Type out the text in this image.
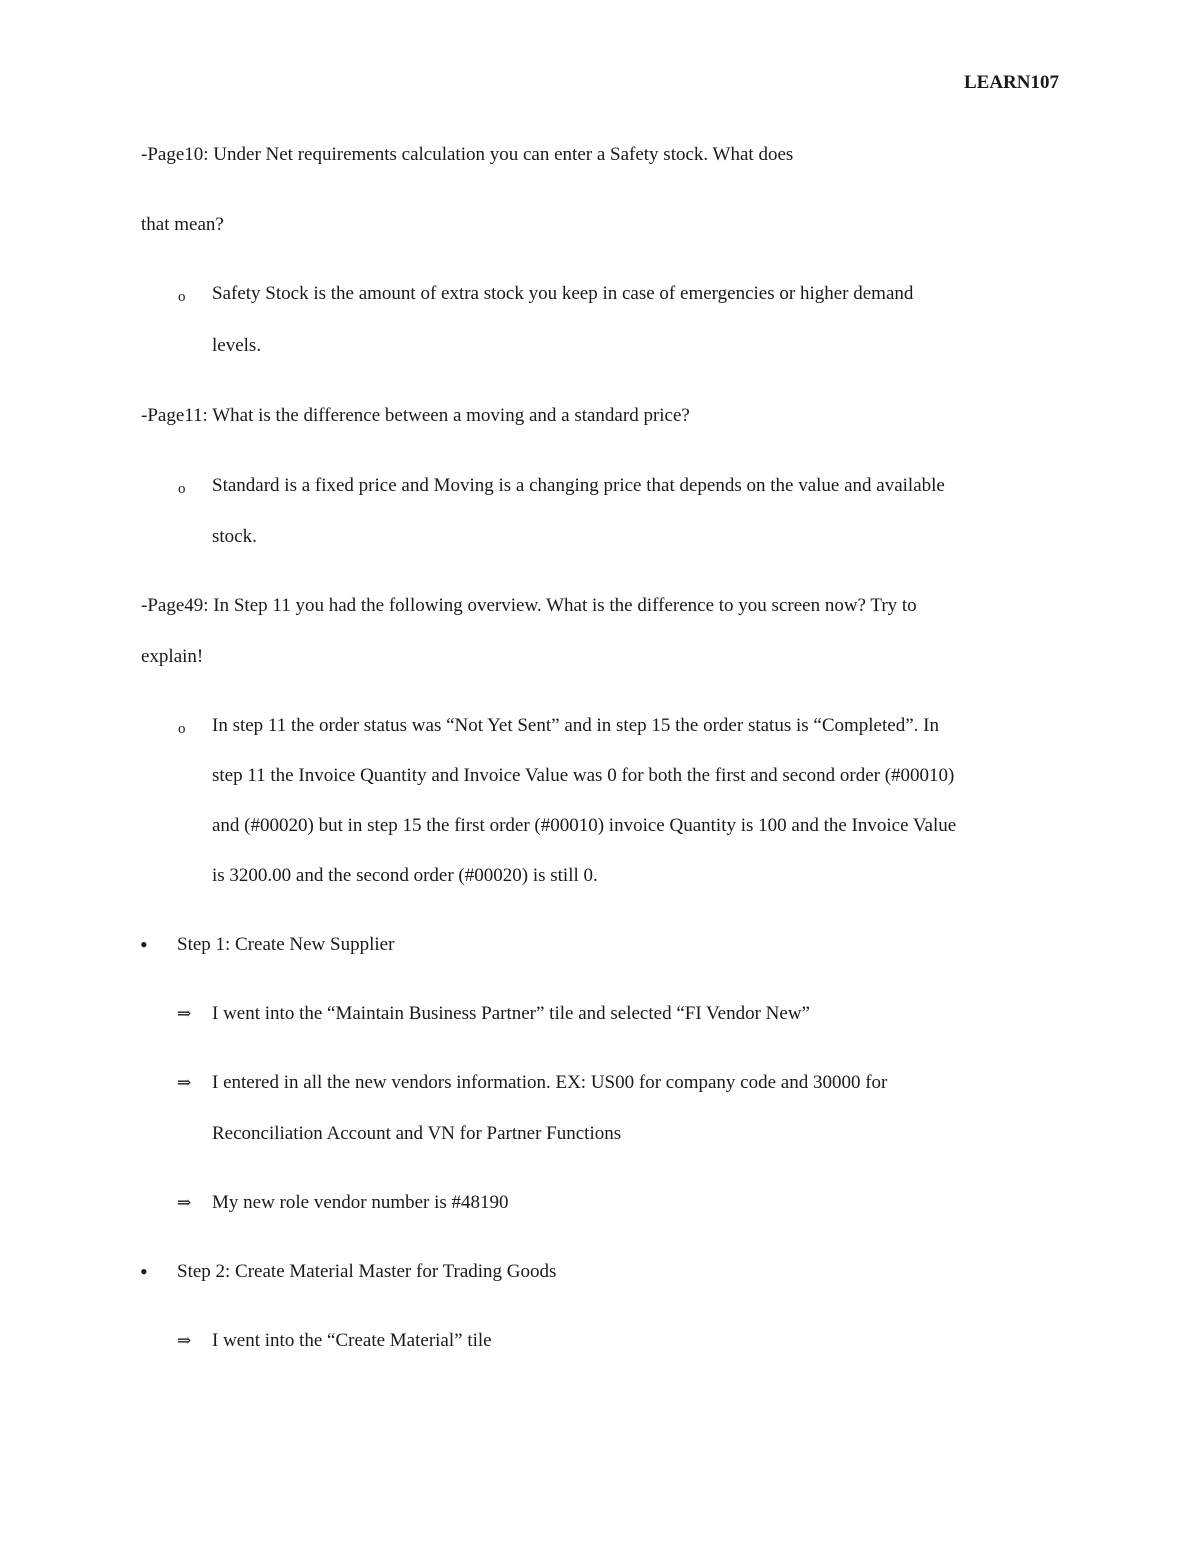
LEARN107
-Page10: Under Net requirements calculation you can enter a Safety stock. What does
that mean?
o Safety Stock is the amount of extra stock you keep in case of emergencies or higher demand
levels.
-Page11: What is the difference between a moving and a standard price?
o Standard is a fixed price and Moving is a changing price that depends on the value and available
stock.
-Page49: In Step 11 you had the following overview. What is the difference to you screen now? Try to
explain!
o In step 11 the order status was “Not Yet Sent” and in step 15 the order status is “Completed”. In
step 11 the Invoice Quantity and Invoice Value was 0 for both the first and second order (#00010)
and (#00020) but in step 15 the first order (#00010) invoice Quantity is 100 and the Invoice Value
is 3200.00 and the second order (#00020) is still 0.
• Step 1: Create New Supplier
⇒ I went into the “Maintain Business Partner” tile and selected “FI Vendor New”
⇒ I entered in all the new vendors information. EX: US00 for company code and 30000 for
Reconciliation Account and VN for Partner Functions
⇒ My new role vendor number is #48190
• Step 2: Create Material Master for Trading Goods
⇒ I went into the “Create Material” tile
